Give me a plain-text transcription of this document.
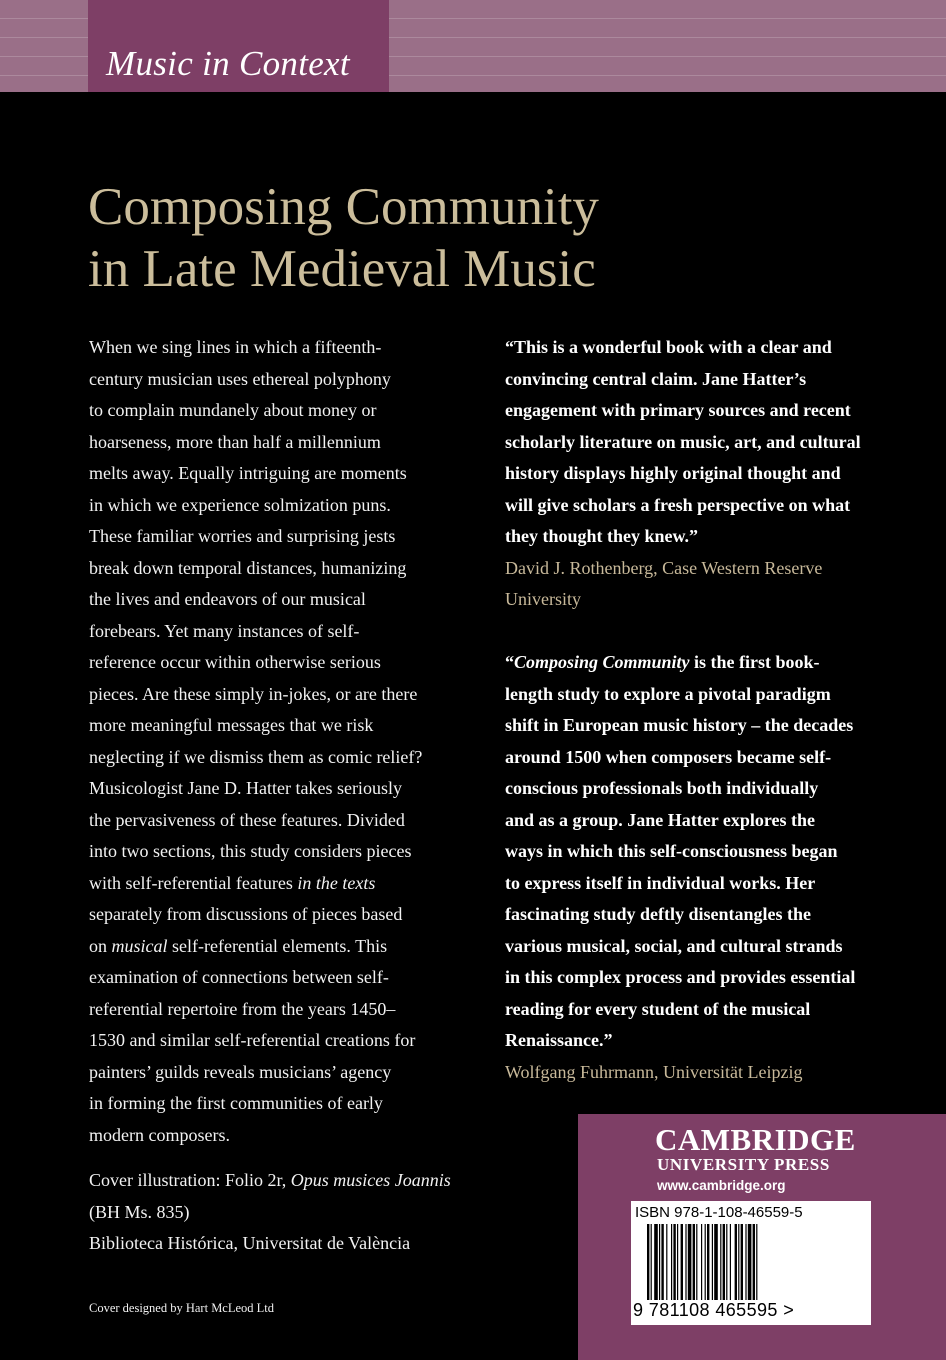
Music in Context
Composing Community
in Late Medieval Music
When we sing lines in which a fifteenth-
century musician uses ethereal polyphony
to complain mundanely about money or
hoarseness, more than half a millennium
melts away. Equally intriguing are moments
in which we experience solmization puns.
These familiar worries and surprising jests
break down temporal distances, humanizing
the lives and endeavors of our musical
forebears. Yet many instances of self-
reference occur within otherwise serious
pieces. Are these simply in-jokes, or are there
more meaningful messages that we risk
neglecting if we dismiss them as comic relief?
Musicologist Jane D. Hatter takes seriously
the pervasiveness of these features. Divided
into two sections, this study considers pieces
with self-referential features in the texts
separately from discussions of pieces based
on musical self-referential elements. This
examination of connections between self-
referential repertoire from the years 1450–
1530 and similar self-referential creations for
painters’ guilds reveals musicians’ agency
in forming the first communities of early
modern composers.
Cover illustration: Folio 2r, Opus musices Joannis
(BH Ms. 835)
Biblioteca Histórica, Universitat de València
Cover designed by Hart McLeod Ltd
“This is a wonderful book with a clear and
convincing central claim. Jane Hatter’s
engagement with primary sources and recent
scholarly literature on music, art, and cultural
history displays highly original thought and
will give scholars a fresh perspective on what
they thought they knew.”
David J. Rothenberg, Case Western Reserve
University
“Composing Community is the first book-
length study to explore a pivotal paradigm
shift in European music history – the decades
around 1500 when composers became self-
conscious professionals both individually
and as a group. Jane Hatter explores the
ways in which this self-consciousness began
to express itself in individual works. Her
fascinating study deftly disentangles the
various musical, social, and cultural strands
in this complex process and provides essential
reading for every student of the musical
Renaissance.”
Wolfgang Fuhrmann, Universität Leipzig
CAMBRIDGE
UNIVERSITY PRESS
www.cambridge.org
ISBN 978-1-108-46559-5
9 781108 465595 >
